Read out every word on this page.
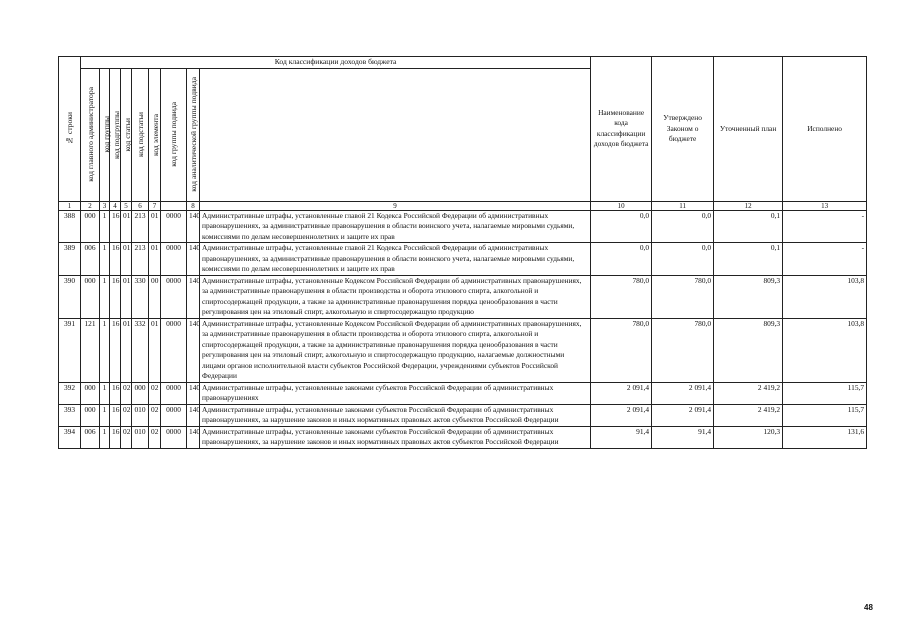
№ строки	Код классификации доходов бюджета									Наименование кода классификации доходов бюджета	Утверждено Законом о бюджете	Уточненный план	Исполнено	

	код главного администратора	код группы	код подгруппы	код статьи	код подстатьи	код элемента	код группы подвида	код аналитической группы подвида						

1	2	3	4	5	6	7		8	9	10	11	12	13	
388	000	1	16	01	213	01	0000	140	Административные штрафы, установленные главой 21 Кодекса Российской Федерации об административных правонарушениях, за административные правонарушения в области воинского учета, налагаемые мировыми судьями, комиссиями по делам несовершеннолетних и защите их прав	0,0	0,0	0,1	-	
389	006	1	16	01	213	01	0000	140	Административные штрафы, установленные главой 21 Кодекса Российской Федерации об административных правонарушениях, за административные правонарушения в области воинского учета, налагаемые мировыми судьями, комиссиями по делам несовершеннолетних и защите их прав	0,0	0,0	0,1	-	
390	000	1	16	01	330	00	0000	140	Административные штрафы, установленные Кодексом Российской Федерации об административных правонарушениях, за административные правонарушения в области производства и оборота этилового спирта, алкогольной и спиртосодержащей продукции, а также за административные правонарушения порядка ценообразования в части регулирования цен на этиловый спирт, алкогольную и спиртосодержащую продукцию	780,0	780,0	809,3	103,8	
391	121	1	16	01	332	01	0000	140	Административные штрафы, установленные Кодексом Российской Федерации об административных правонарушениях, за административные правонарушения в области производства и оборота этилового спирта, алкогольной и спиртосодержащей продукции, а также за административные правонарушения порядка ценообразования в части регулирования цен на этиловый спирт, алкогольную и спиртосодержащую продукцию, налагаемые должностными лицами органов исполнительной власти субъектов Российской Федерации, учреждениями субъектов Российской Федерации	780,0	780,0	809,3	103,8	
392	000	1	16	02	000	02	0000	140	Административные штрафы, установленные законами субъектов Российской Федерации об административных правонарушениях	2 091,4	2 091,4	2 419,2	115,7	
393	000	1	16	02	010	02	0000	140	Административные штрафы, установленные законами субъектов Российской Федерации об административных правонарушениях, за нарушение законов и иных нормативных правовых актов субъектов Российской Федерации	2 091,4	2 091,4	2 419,2	115,7	
394	006	1	16	02	010	02	0000	140	Административные штрафы, установленные законами субъектов Российской Федерации об административных правонарушениях, за нарушение законов и иных нормативных правовых актов субъектов Российской Федерации	91,4	91,4	120,3	131,6	
48
